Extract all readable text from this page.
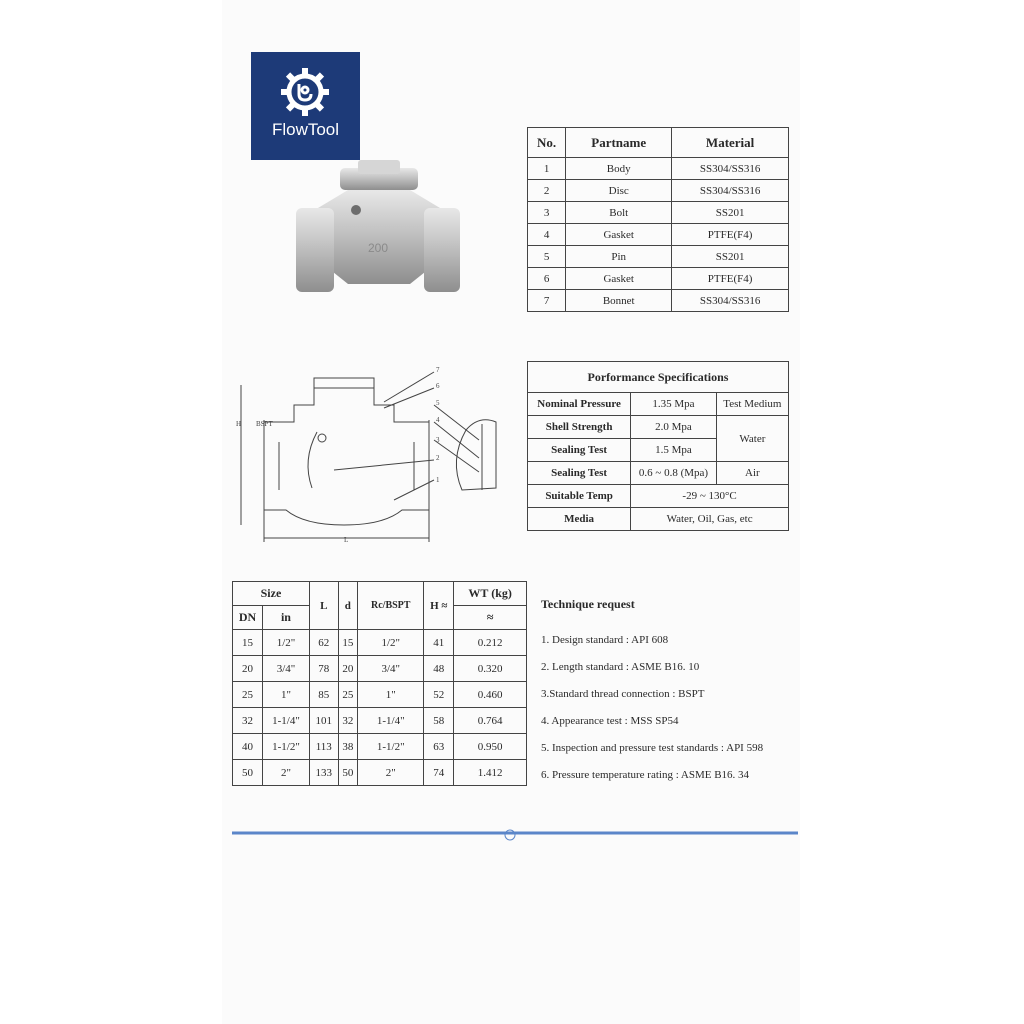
FlowTool
200
No.	Partname	Material
1	Body	SS304/SS316
2	Disc	SS304/SS316
3	Bolt	SS201
4	Gasket	PTFE(F4)
5	Pin	SS201
6	Gasket	PTFE(F4)
7	Bonnet	SS304/SS316
7
6
5
4
3
2
1
BSPT
H
L
Porformance Specifications		
Nominal Pressure	1.35 Mpa	Test Medium
Shell Strength	2.0 Mpa	Water
Sealing Test	1.5 Mpa	
Sealing Test	0.6 ~ 0.8 (Mpa)	Air
Suitable Temp	-29 ~ 130°C	
Media	Water, Oil, Gas, etc	
Size		L	d	Rc/BSPT	H ≈	WT (kg)
DN	in					≈
15	1/2"	62	15	1/2"	41	0.212
20	3/4"	78	20	3/4"	48	0.320
25	1"	85	25	1"	52	0.460
32	1-1/4"	101	32	1-1/4"	58	0.764
40	1-1/2"	113	38	1-1/2"	63	0.950
50	2"	133	50	2"	74	1.412
Technique request
1. Design standard : API 608
2. Length standard : ASME B16. 10
3.Standard thread connection : BSPT
4. Appearance test : MSS SP54
5. Inspection and pressure test standards : API 598
6. Pressure temperature rating : ASME B16. 34
